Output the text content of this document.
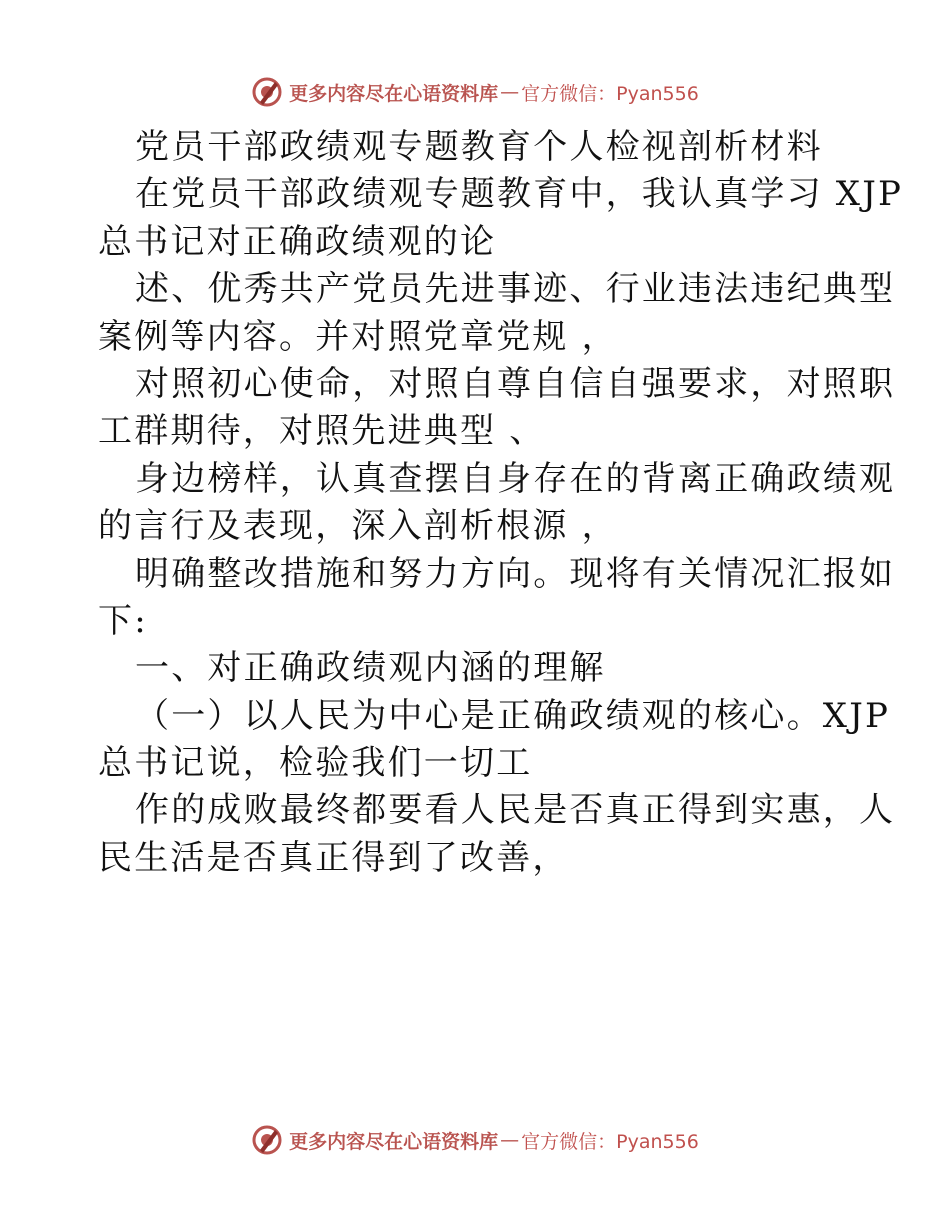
更多内容尽在心语资料库 — 官方微信：Pyan556
党员干部政绩观专题教育个人检视剖析材料
在党员干部政绩观专题教育中，我认真学习 XJP
总书记对正确政绩观的论
述、优秀共产党员先进事迹、行业违法违纪典型
案例等内容。并对照党章党规 ，
对照初心使命，对照自尊自信自强要求，对照职
工群期待，对照先进典型 、
身边榜样，认真查摆自身存在的背离正确政绩观
的言行及表现，深入剖析根源 ，
明确整改措施和努力方向。现将有关情况汇报如
下:
一、对正确政绩观内涵的理解
（一）以人民为中心是正确政绩观的核心。XJP
总书记说，检验我们一切工
作的成败最终都要看人民是否真正得到实惠，人
民生活是否真正得到了改善，
更多内容尽在心语资料库 — 官方微信：Pyan556
